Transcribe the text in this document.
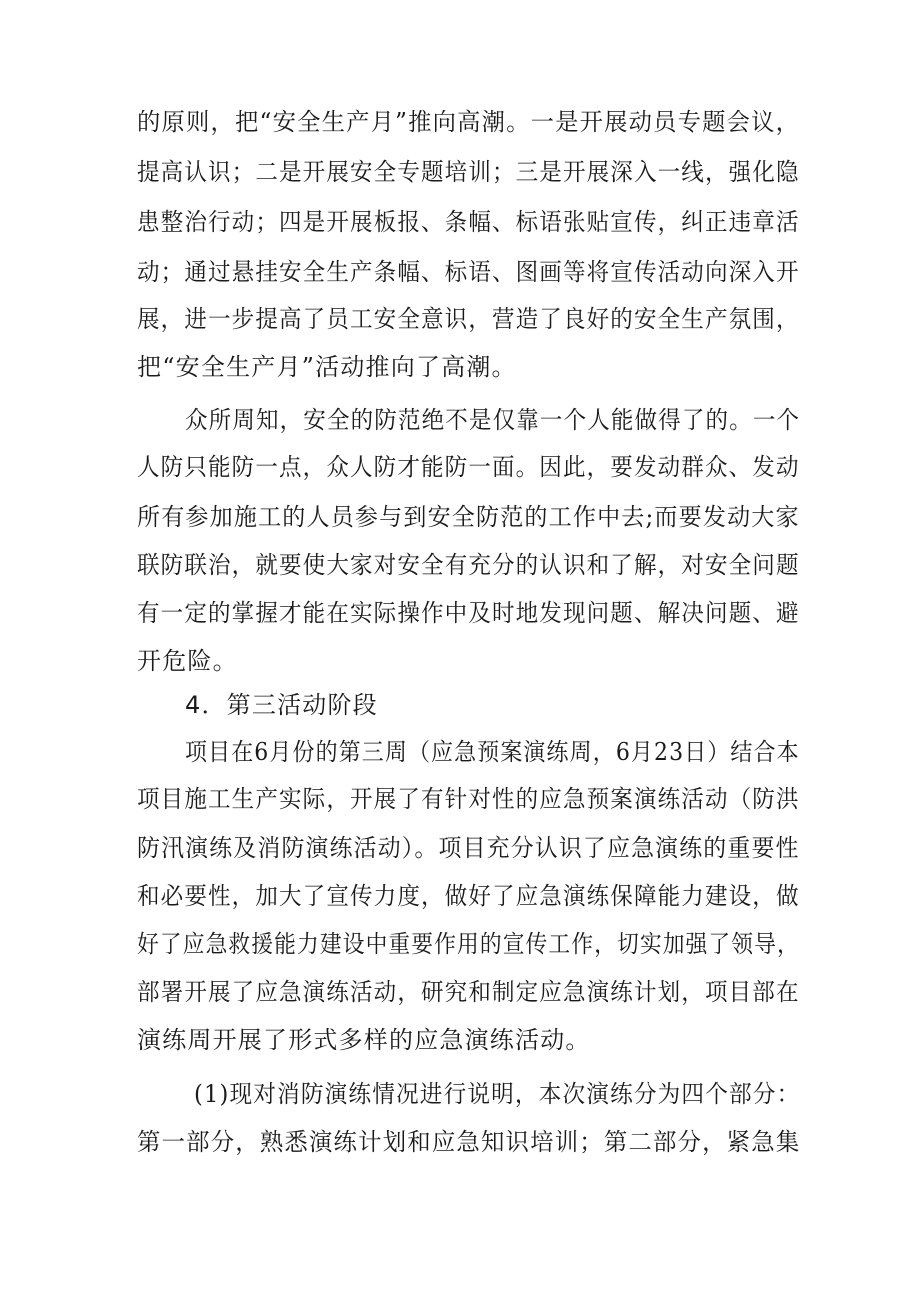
的原则，把“安全生产月”推向高潮。一是开展动员专题会议，
提高认识；二是开展安全专题培训；三是开展深入一线，强化隐
患整治行动；四是开展板报、条幅、标语张贴宣传，纠正违章活
动；通过悬挂安全生产条幅、标语、图画等将宣传活动向深入开
展，进一步提高了员工安全意识，营造了良好的安全生产氛围，
把“安全生产月”活动推向了高潮。
众所周知，安全的防范绝不是仅靠一个人能做得了的。一个
人防只能防一点，众人防才能防一面。因此，要发动群众、发动
所有参加施工的人员参与到安全防范的工作中去;而要发动大家
联防联治，就要使大家对安全有充分的认识和了解，对安全问题
有一定的掌握才能在实际操作中及时地发现问题、解决问题、避
开危险。
4．第三活动阶段
项目在6月份的第三周（应急预案演练周，6月23日）结合本
项目施工生产实际，开展了有针对性的应急预案演练活动（防洪
防汛演练及消防演练活动）。项目充分认识了应急演练的重要性
和必要性，加大了宣传力度，做好了应急演练保障能力建设，做
好了应急救援能力建设中重要作用的宣传工作，切实加强了领导，
部署开展了应急演练活动，研究和制定应急演练计划，项目部在
演练周开展了形式多样的应急演练活动。
(1)现对消防演练情况进行说明，本次演练分为四个部分：
第一部分，熟悉演练计划和应急知识培训；第二部分，紧急集
